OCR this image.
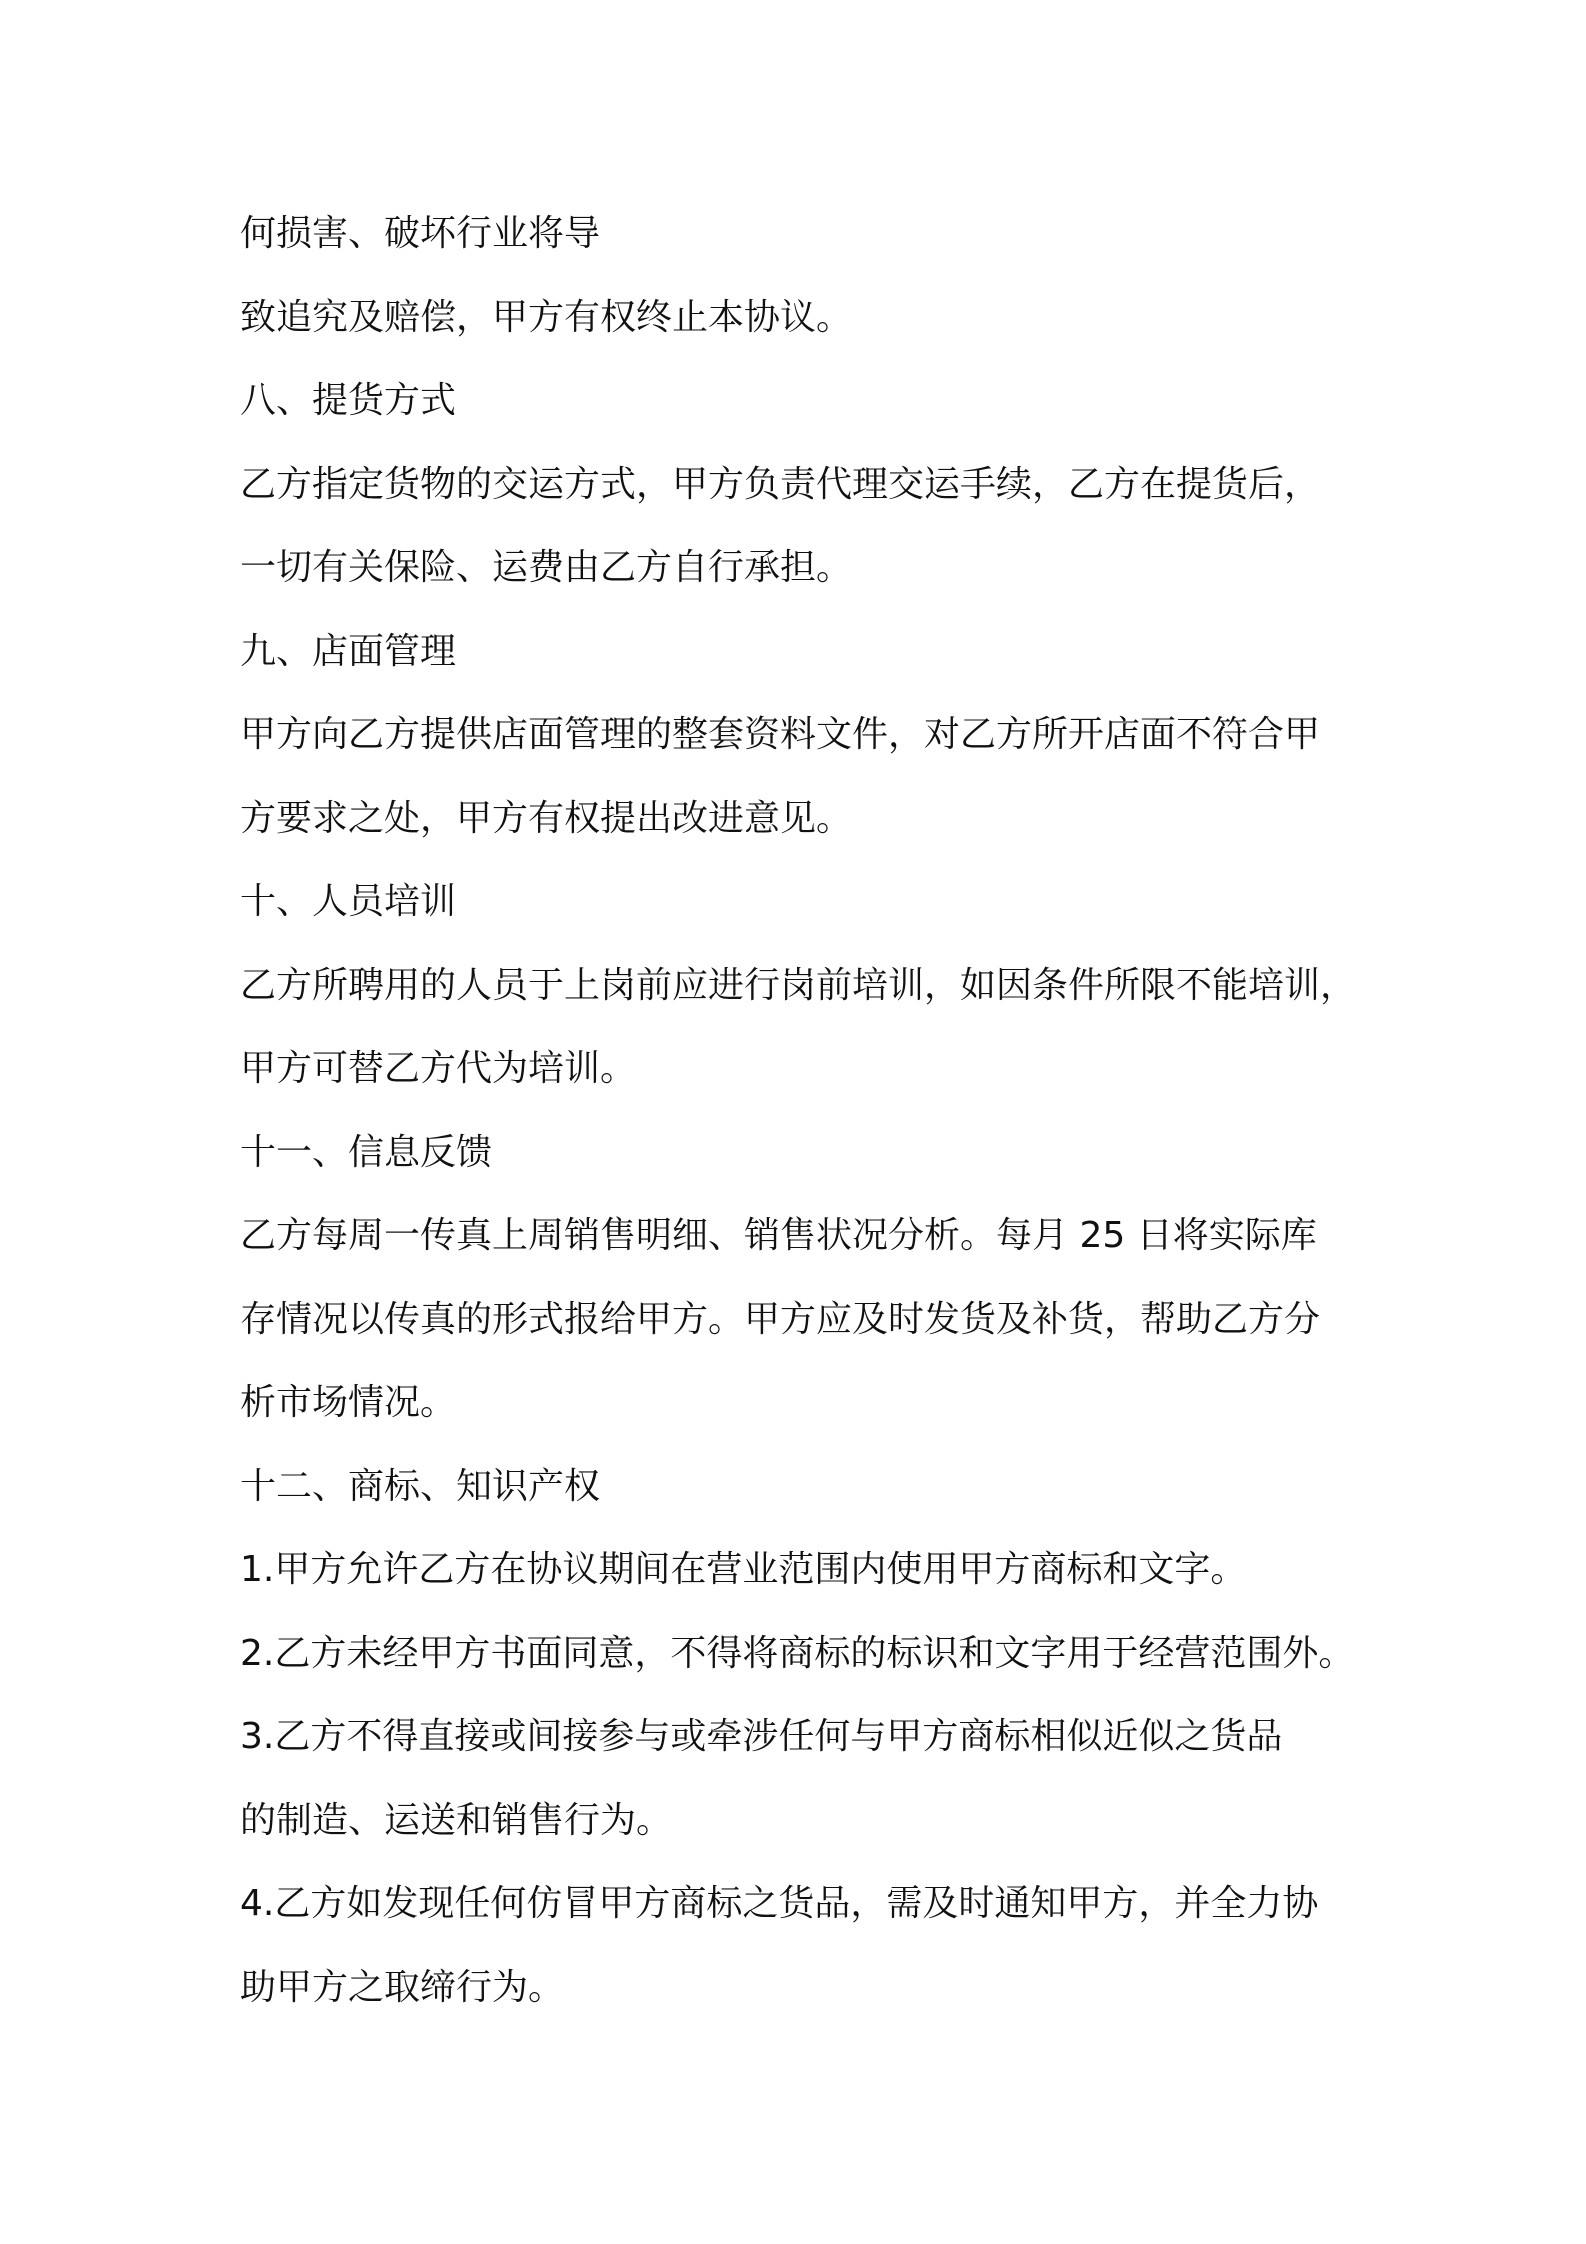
何损害、破坏行业将导
致追究及赔偿，甲方有权终止本协议。
八、提货方式
乙方指定货物的交运方式，甲方负责代理交运手续，乙方在提货后，
一切有关保险、运费由乙方自行承担。
九、店面管理
甲方向乙方提供店面管理的整套资料文件，对乙方所开店面不符合甲
方要求之处，甲方有权提出改进意见。
十、人员培训
乙方所聘用的人员于上岗前应进行岗前培训，如因条件所限不能培训，
甲方可替乙方代为培训。
十一、信息反馈
乙方每周一传真上周销售明细、销售状况分析。每月 25 日将实际库
存情况以传真的形式报给甲方。甲方应及时发货及补货，帮助乙方分
析市场情况。
十二、商标、知识产权
1.甲方允许乙方在协议期间在营业范围内使用甲方商标和文字。
2.乙方未经甲方书面同意，不得将商标的标识和文字用于经营范围外。
3.乙方不得直接或间接参与或牵涉任何与甲方商标相似近似之货品
的制造、运送和销售行为。
4.乙方如发现任何仿冒甲方商标之货品，需及时通知甲方，并全力协
助甲方之取缔行为。
